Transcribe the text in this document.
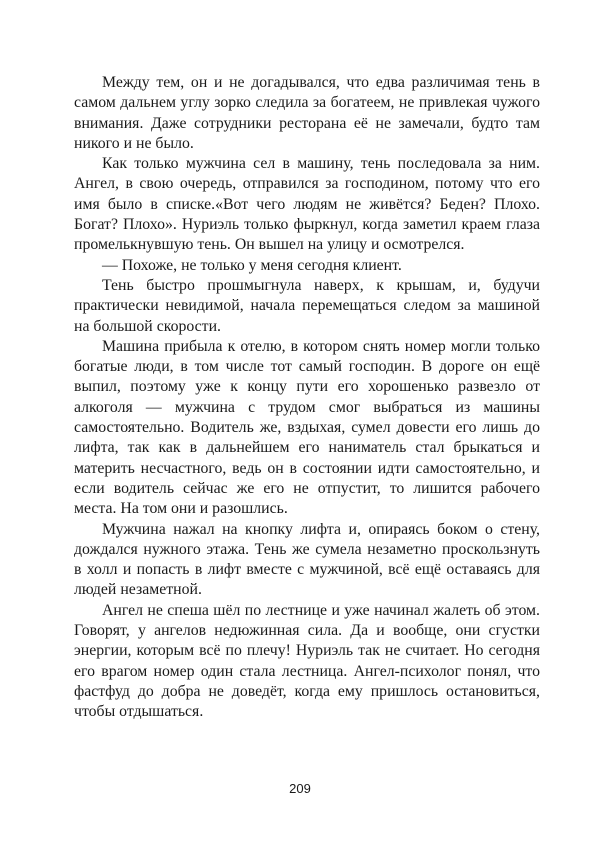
Между тем, он и не догадывался, что едва различимая тень в самом дальнем углу зорко следила за богатеем, не привлекая чужого внимания. Даже сотрудники ресторана её не замечали, будто там никого и не было.

Как только мужчина сел в машину, тень последовала за ним. Ангел, в свою очередь, отправился за господином, потому что его имя было в списке.«Вот чего людям не живётся? Беден? Плохо. Богат? Плохо». Нуриэль только фыркнул, когда заметил краем глаза промелькнувшую тень. Он вышел на улицу и осмотрелся.

— Похоже, не только у меня сегодня клиент.

Тень быстро прошмыгнула наверх, к крышам, и, будучи практически невидимой, начала перемещаться следом за машиной на большой скорости.

Машина прибыла к отелю, в котором снять номер могли только богатые люди, в том числе тот самый господин. В дороге он ещё выпил, поэтому уже к концу пути его хорошенько развезло от алкоголя — мужчина с трудом смог выбраться из машины самостоятельно. Водитель же, вздыхая, сумел довести его лишь до лифта, так как в дальнейшем его наниматель стал брыкаться и материть несчастного, ведь он в состоянии идти самостоятельно, и если водитель сейчас же его не отпустит, то лишится рабочего места. На том они и разошлись.

Мужчина нажал на кнопку лифта и, опираясь боком о стену, дождался нужного этажа. Тень же сумела незаметно проскользнуть в холл и попасть в лифт вместе с мужчиной, всё ещё оставаясь для людей незаметной.

Ангел не спеша шёл по лестнице и уже начинал жалеть об этом. Говорят, у ангелов недюжинная сила. Да и вообще, они сгустки энергии, которым всё по плечу! Нуриэль так не считает. Но сегодня его врагом номер один стала лестница. Ангел-психолог понял, что фастфуд до добра не доведёт, когда ему пришлось остановиться, чтобы отдышаться.

209
